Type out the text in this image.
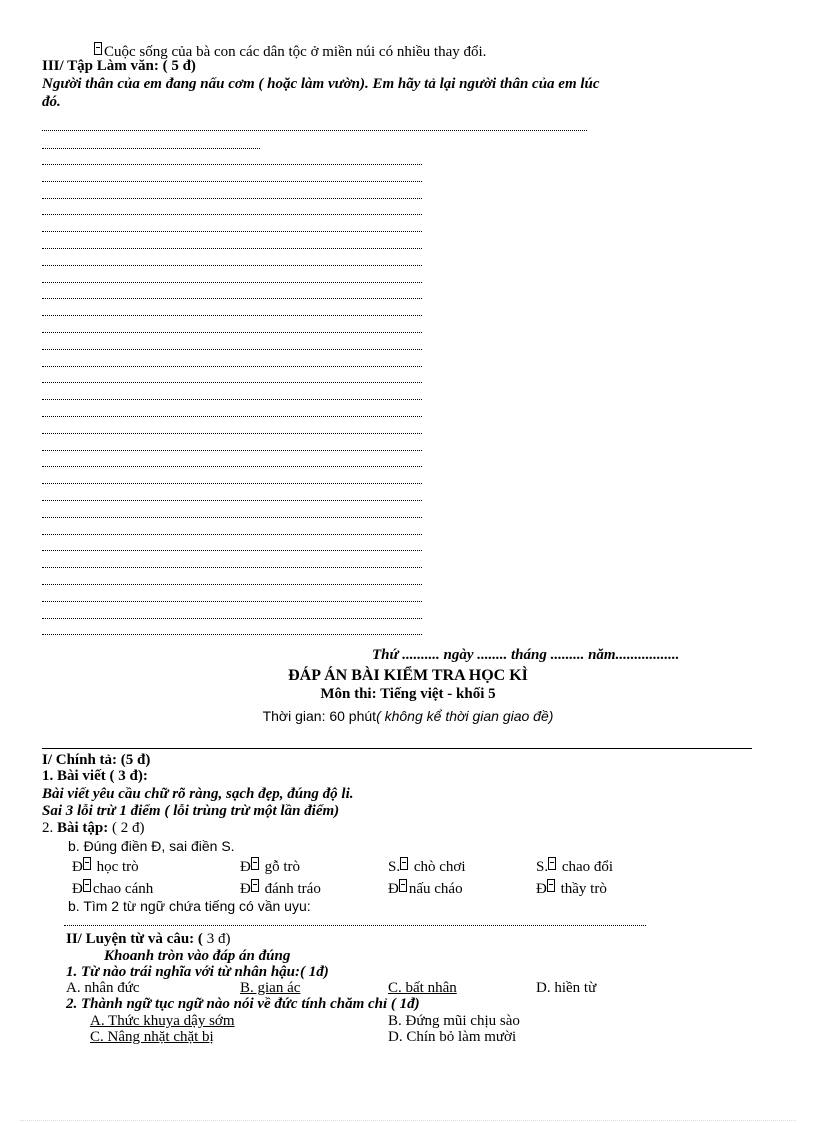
Cuộc sống của bà con các dân tộc ở miền núi có nhiều thay đổi.
III/ Tập Làm văn: ( 5 đ)
Người thân của em đang nấu cơm ( hoặc làm vườn). Em hãy tả lại người thân của em lúc
đó.
Thứ .......... ngày ........ tháng ......... năm.................
ĐÁP ÁN BÀI KIỂM TRA HỌC KÌ
Môn thi: Tiếng việt - khối 5
Thời gian: 60 phút( không kể thời gian giao đề)
I/ Chính tả: (5 đ)
1. Bài viết ( 3 đ):
Bài viết yêu cầu chữ rõ ràng, sạch đẹp, đúng độ li.
Sai 3 lỗi trừ 1 điểm ( lỗi trùng trừ một lần điểm)
2. Bài tập: ( 2 đ)
b. Đúng điền Đ, sai điền S.
Đ học trò	Đ gỗ trò	S. chò chơi	S. chao đổi
Đ chao cánh	Đ đánh tráo	Đ nấu cháo	Đ thầy trò
b. Tìm 2 từ ngữ chứa tiếng có vần uyu:
II/ Luyện từ và câu: ( 3 đ)
Khoanh tròn vào đáp án đúng
1. Từ nào trái nghĩa với từ nhân hậu:( 1đ)
A. nhân đức	B. gian ác	C. bất nhân	D. hiền từ
2. Thành ngữ tục ngữ nào nói về đức tính chăm chỉ ( 1đ)
A. Thức khuya dậy sớm	B. Đứng mũi chịu sào
C. Nâng nhặt chặt bị	D. Chín bỏ làm mười
